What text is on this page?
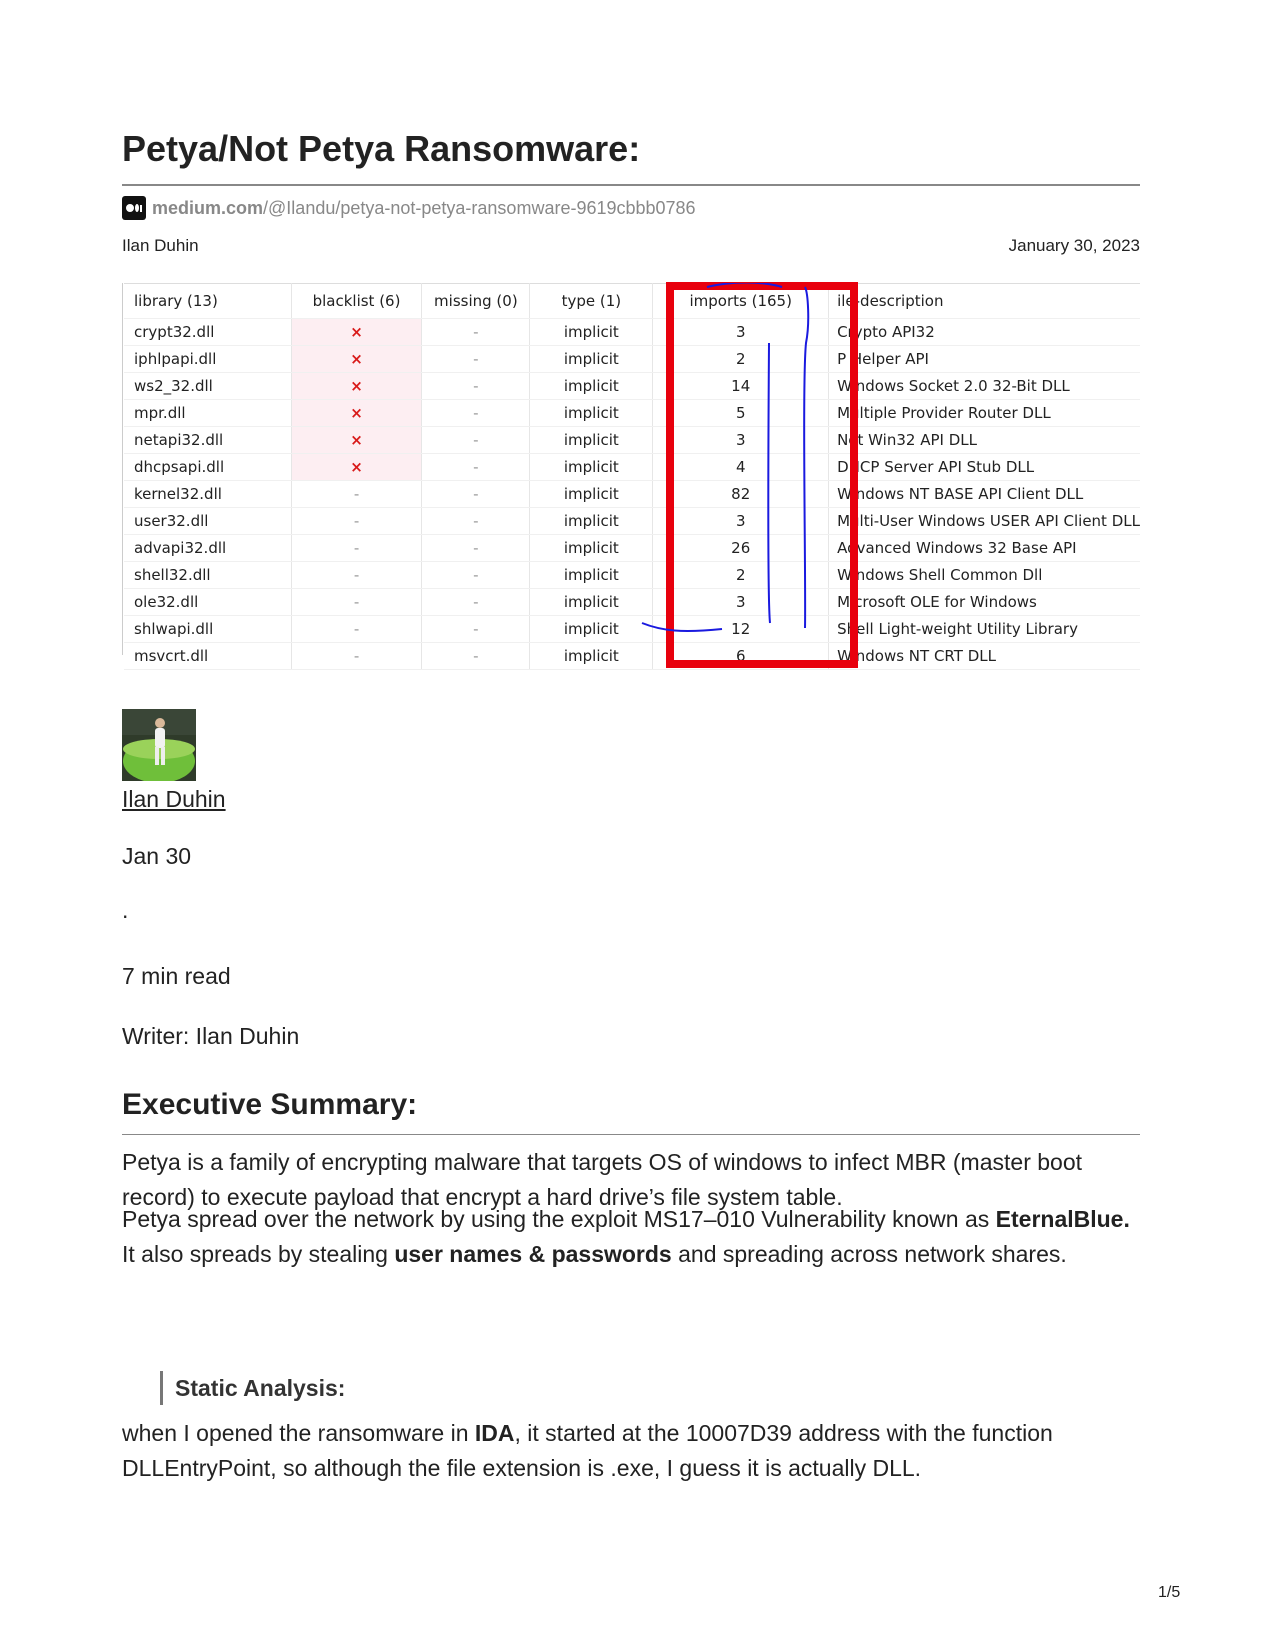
Petya/Not Petya Ransomware:
medium.com /@Ilandu/petya-not-petya-ransomware-9619cbbb0786
Ilan Duhin	January 30, 2023
library (13)	blacklist (6)	missing (0)	type (1)	imports (165)	ile-description
crypt32.dll	×	-	implicit	3	Crypto API32
iphlpapi.dll	×	-	implicit	2	P Helper API
ws2_32.dll	×	-	implicit	14	Windows Socket 2.0 32-Bit DLL
mpr.dll	×	-	implicit	5	Multiple Provider Router DLL
netapi32.dll	×	-	implicit	3	Net Win32 API DLL
dhcpsapi.dll	×	-	implicit	4	DHCP Server API Stub DLL
kernel32.dll	-	-	implicit	82	Windows NT BASE API Client DLL
user32.dll	-	-	implicit	3	Multi-User Windows USER API Client DLL
advapi32.dll	-	-	implicit	26	Advanced Windows 32 Base API
shell32.dll	-	-	implicit	2	Windows Shell Common Dll
ole32.dll	-	-	implicit	3	Microsoft OLE for Windows
shlwapi.dll	-	-	implicit	12	Shell Light-weight Utility Library
msvcrt.dll	-	-	implicit	6	Windows NT CRT DLL
Ilan Duhin
Jan 30
.
7 min read
Writer: Ilan Duhin
Executive Summary:

Petya is a family of encrypting malware that targets OS of windows to infect MBR (master boot record) to execute payload that encrypt a hard drive’s file system table.

Petya spread over the network by using the exploit MS17–010 Vulnerability known as EternalBlue. It also spreads by stealing user names & passwords and spreading across network shares.

Static Analysis:

when I opened the ransomware in IDA, it started at the 10007D39 address with the function DLLEntryPoint, so although the file extension is .exe, I guess it is actually DLL.

1/5
